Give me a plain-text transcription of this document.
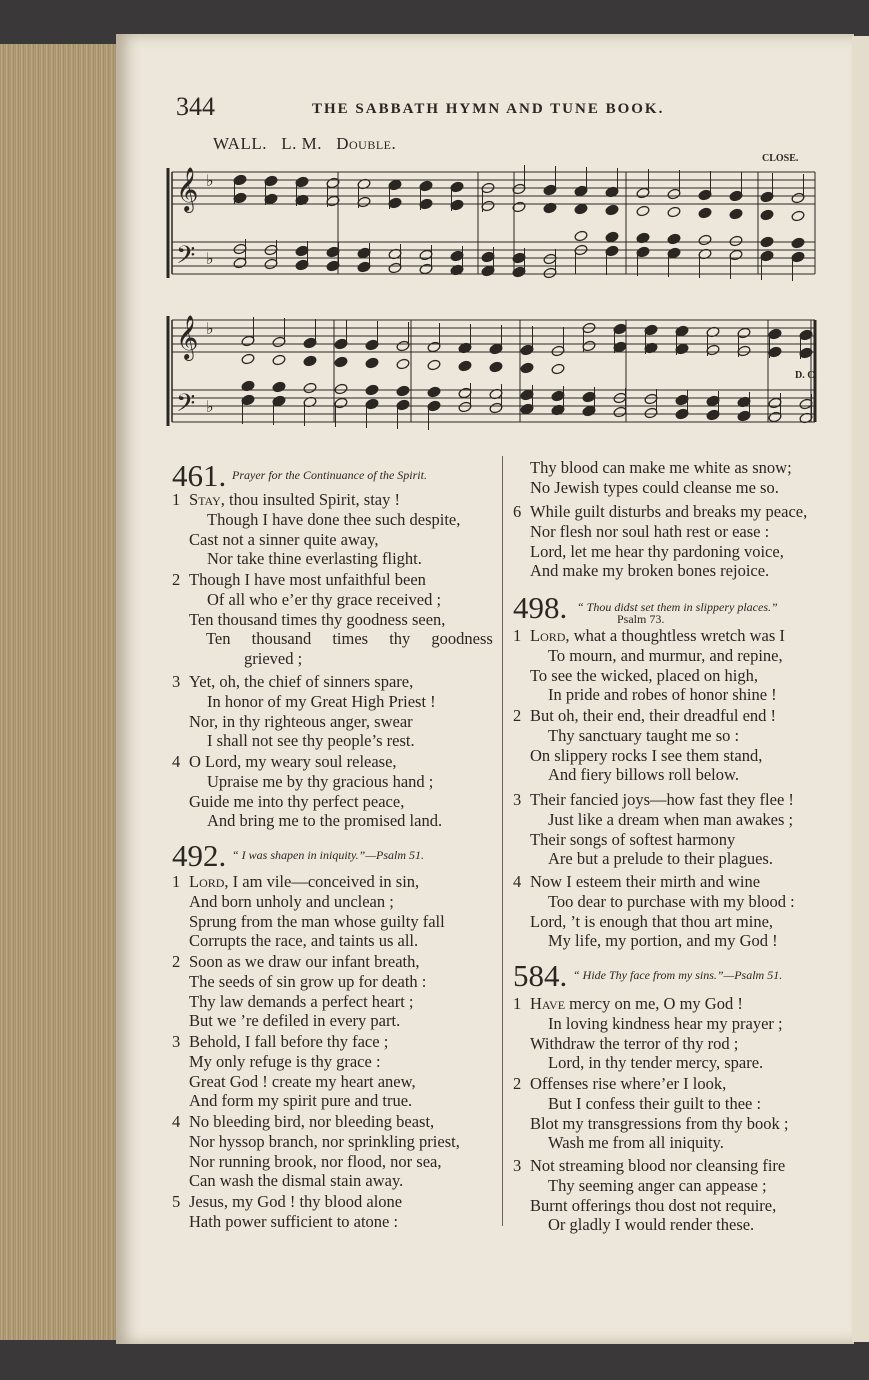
344	THE SABBATH HYMN AND TUNE BOOK.
WALL. L. M. Double.
CLOSE.
D. C.
𝄞
𝄢
♭
♭
𝄞
𝄢
♭
♭
461. Prayer for the Continuance of the Spirit.
1 Stay, thou insulted Spirit, stay !
Though I have done thee such despite,
Cast not a sinner quite away,
Nor take thine everlasting flight.
2 Though I have most unfaithful been
Of all who e’er thy grace received ;
Ten thousand times thy goodness seen,
Ten thousand times thy goodness
grieved ;
3 Yet, oh, the chief of sinners spare,
In honor of my Great High Priest !
Nor, in thy righteous anger, swear
I shall not see thy people’s rest.
4 O Lord, my weary soul release,
Upraise me by thy gracious hand ;
Guide me into thy perfect peace,
And bring me to the promised land.
492. “ I was shapen in iniquity.”—Psalm 51.
1 Lord, I am vile—conceived in sin,
And born unholy and unclean ;
Sprung from the man whose guilty fall
Corrupts the race, and taints us all.
2 Soon as we draw our infant breath,
The seeds of sin grow up for death :
Thy law demands a perfect heart ;
But we ’re defiled in every part.
3 Behold, I fall before thy face ;
My only refuge is thy grace :
Great God ! create my heart anew,
And form my spirit pure and true.
4 No bleeding bird, nor bleeding beast,
Nor hyssop branch, nor sprinkling priest,
Nor running brook, nor flood, nor sea,
Can wash the dismal stain away.
5 Jesus, my God ! thy blood alone
Hath power sufficient to atone :
Thy blood can make me white as snow;
No Jewish types could cleanse me so.
6 While guilt disturbs and breaks my peace,
Nor flesh nor soul hath rest or ease :
Lord, let me hear thy pardoning voice,
And make my broken bones rejoice.
498. “ Thou didst set them in slippery places.”
Psalm 73.
1 Lord, what a thoughtless wretch was I
To mourn, and murmur, and repine,
To see the wicked, placed on high,
In pride and robes of honor shine !
2 But oh, their end, their dreadful end !
Thy sanctuary taught me so :
On slippery rocks I see them stand,
And fiery billows roll below.
3 Their fancied joys—how fast they flee !
Just like a dream when man awakes ;
Their songs of softest harmony
Are but a prelude to their plagues.
4 Now I esteem their mirth and wine
Too dear to purchase with my blood :
Lord, ’t is enough that thou art mine,
My life, my portion, and my God !
584. “ Hide Thy face from my sins.”—Psalm 51.
1 Have mercy on me, O my God !
In loving kindness hear my prayer ;
Withdraw the terror of thy rod ;
Lord, in thy tender mercy, spare.
2 Offenses rise where’er I look,
But I confess their guilt to thee :
Blot my transgressions from thy book ;
Wash me from all iniquity.
3 Not streaming blood nor cleansing fire
Thy seeming anger can appease ;
Burnt offerings thou dost not require,
Or gladly I would render these.
